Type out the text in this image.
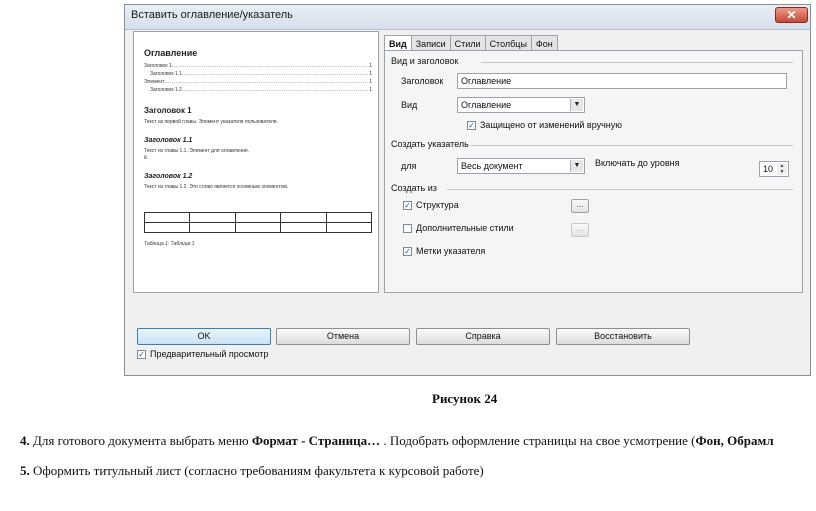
Вставить оглавление/указатель	✕
Оглавление
Заголовок 1 .....	1
Заголовок 1.1 .....	1
Элемент .....	1
Заголовок 1.2 .....	1
Заголовок 1
Текст из первой главы. Элемент указателя пользователя.
Заголовок 1.1
Текст из главы 1.1. Элемент для оглавления.
й
Заголовок 1.2
Текст из главы 1.2. Это слово является основным элементом.

Таблица 1: Таблица 1
Вид	Записи	Стили	Столбцы	Фон
Вид и заголовок
Заголовок	Оглавление
Вид	Оглавление	▼
✓ Защищено от изменений вручную
Создать указатель
для	Весь документ	▼ Включать до уровня
10	▲
▼
Создать из
✓ Структура	...
Дополнительные стили	...
✓ Метки указателя
OK	Отмена	Справка	Восстановить
✓ Предварительный просмотр
Рисунок 24
4. Для готового документа выбрать меню Формат - Страница… . Подобрать оформление страницы на свое усмотрение (Фон, Обрамл
5. Оформить титульный лист (согласно требованиям факультета к курсовой работе)
